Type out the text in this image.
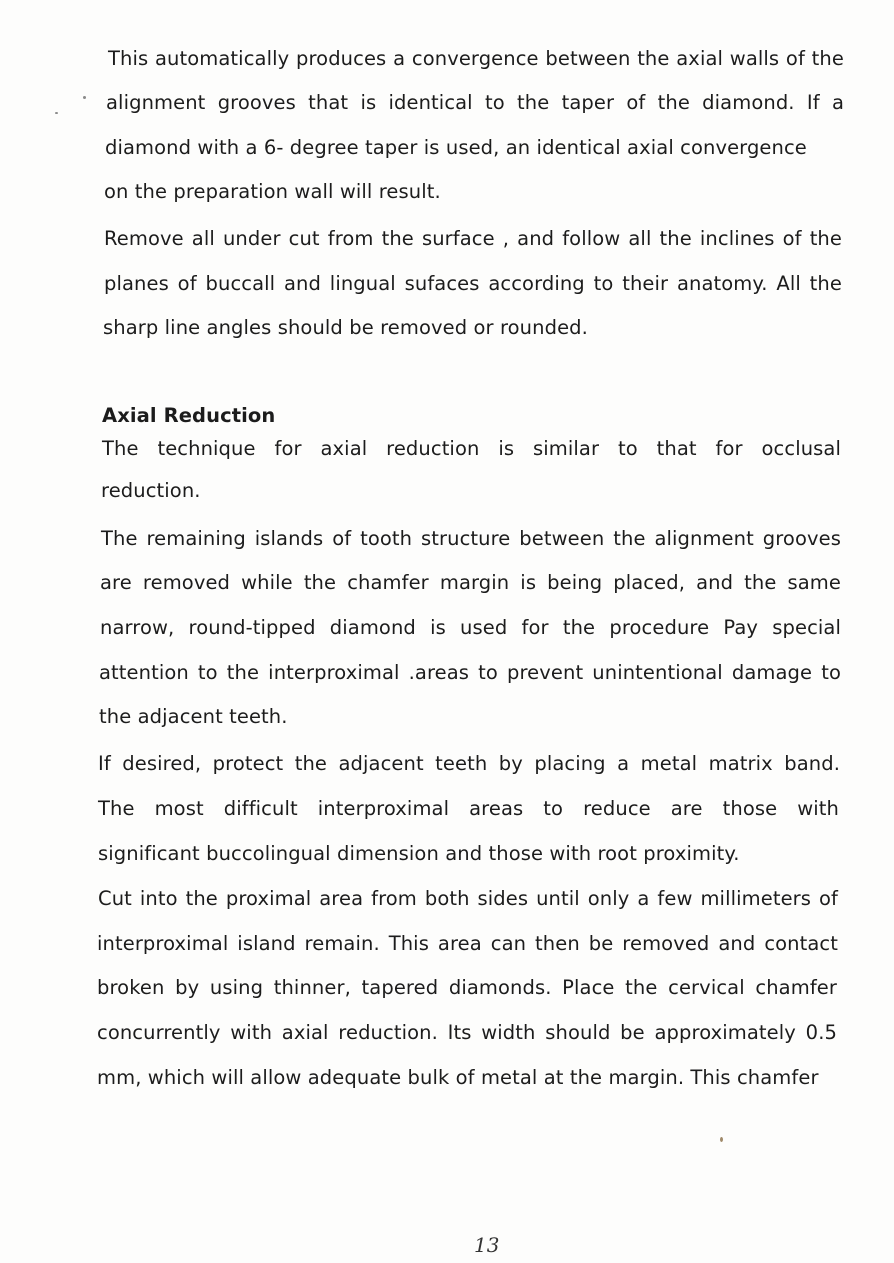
This automatically produces a convergence between the axial walls of the
alignment grooves that is identical to the taper of the diamond. If a
diamond with a 6- degree taper is used, an identical axial convergence
on the preparation wall will result.
Remove all under cut from the surface , and follow all the inclines of the
planes of buccall and lingual sufaces according to their anatomy. All the
sharp line angles should be removed or rounded.
Axial Reduction
The technique for axial reduction is similar to that for occlusal
reduction.
The remaining islands of tooth structure between the alignment grooves
are removed while the chamfer margin is being placed, and the same
narrow, round-tipped diamond is used for the procedure Pay special
attention to the interproximal .areas to prevent unintentional damage to
the adjacent teeth.
If desired, protect the adjacent teeth by placing a metal matrix band.
The most difficult interproximal areas to reduce are those with
significant buccolingual dimension and those with root proximity.
Cut into the proximal area from both sides until only a few millimeters of
interproximal island remain. This area can then be removed and contact
broken by using thinner, tapered diamonds. Place the cervical chamfer
concurrently with axial reduction. Its width should be approximately 0.5
mm, which will allow adequate bulk of metal at the margin. This chamfer
13
